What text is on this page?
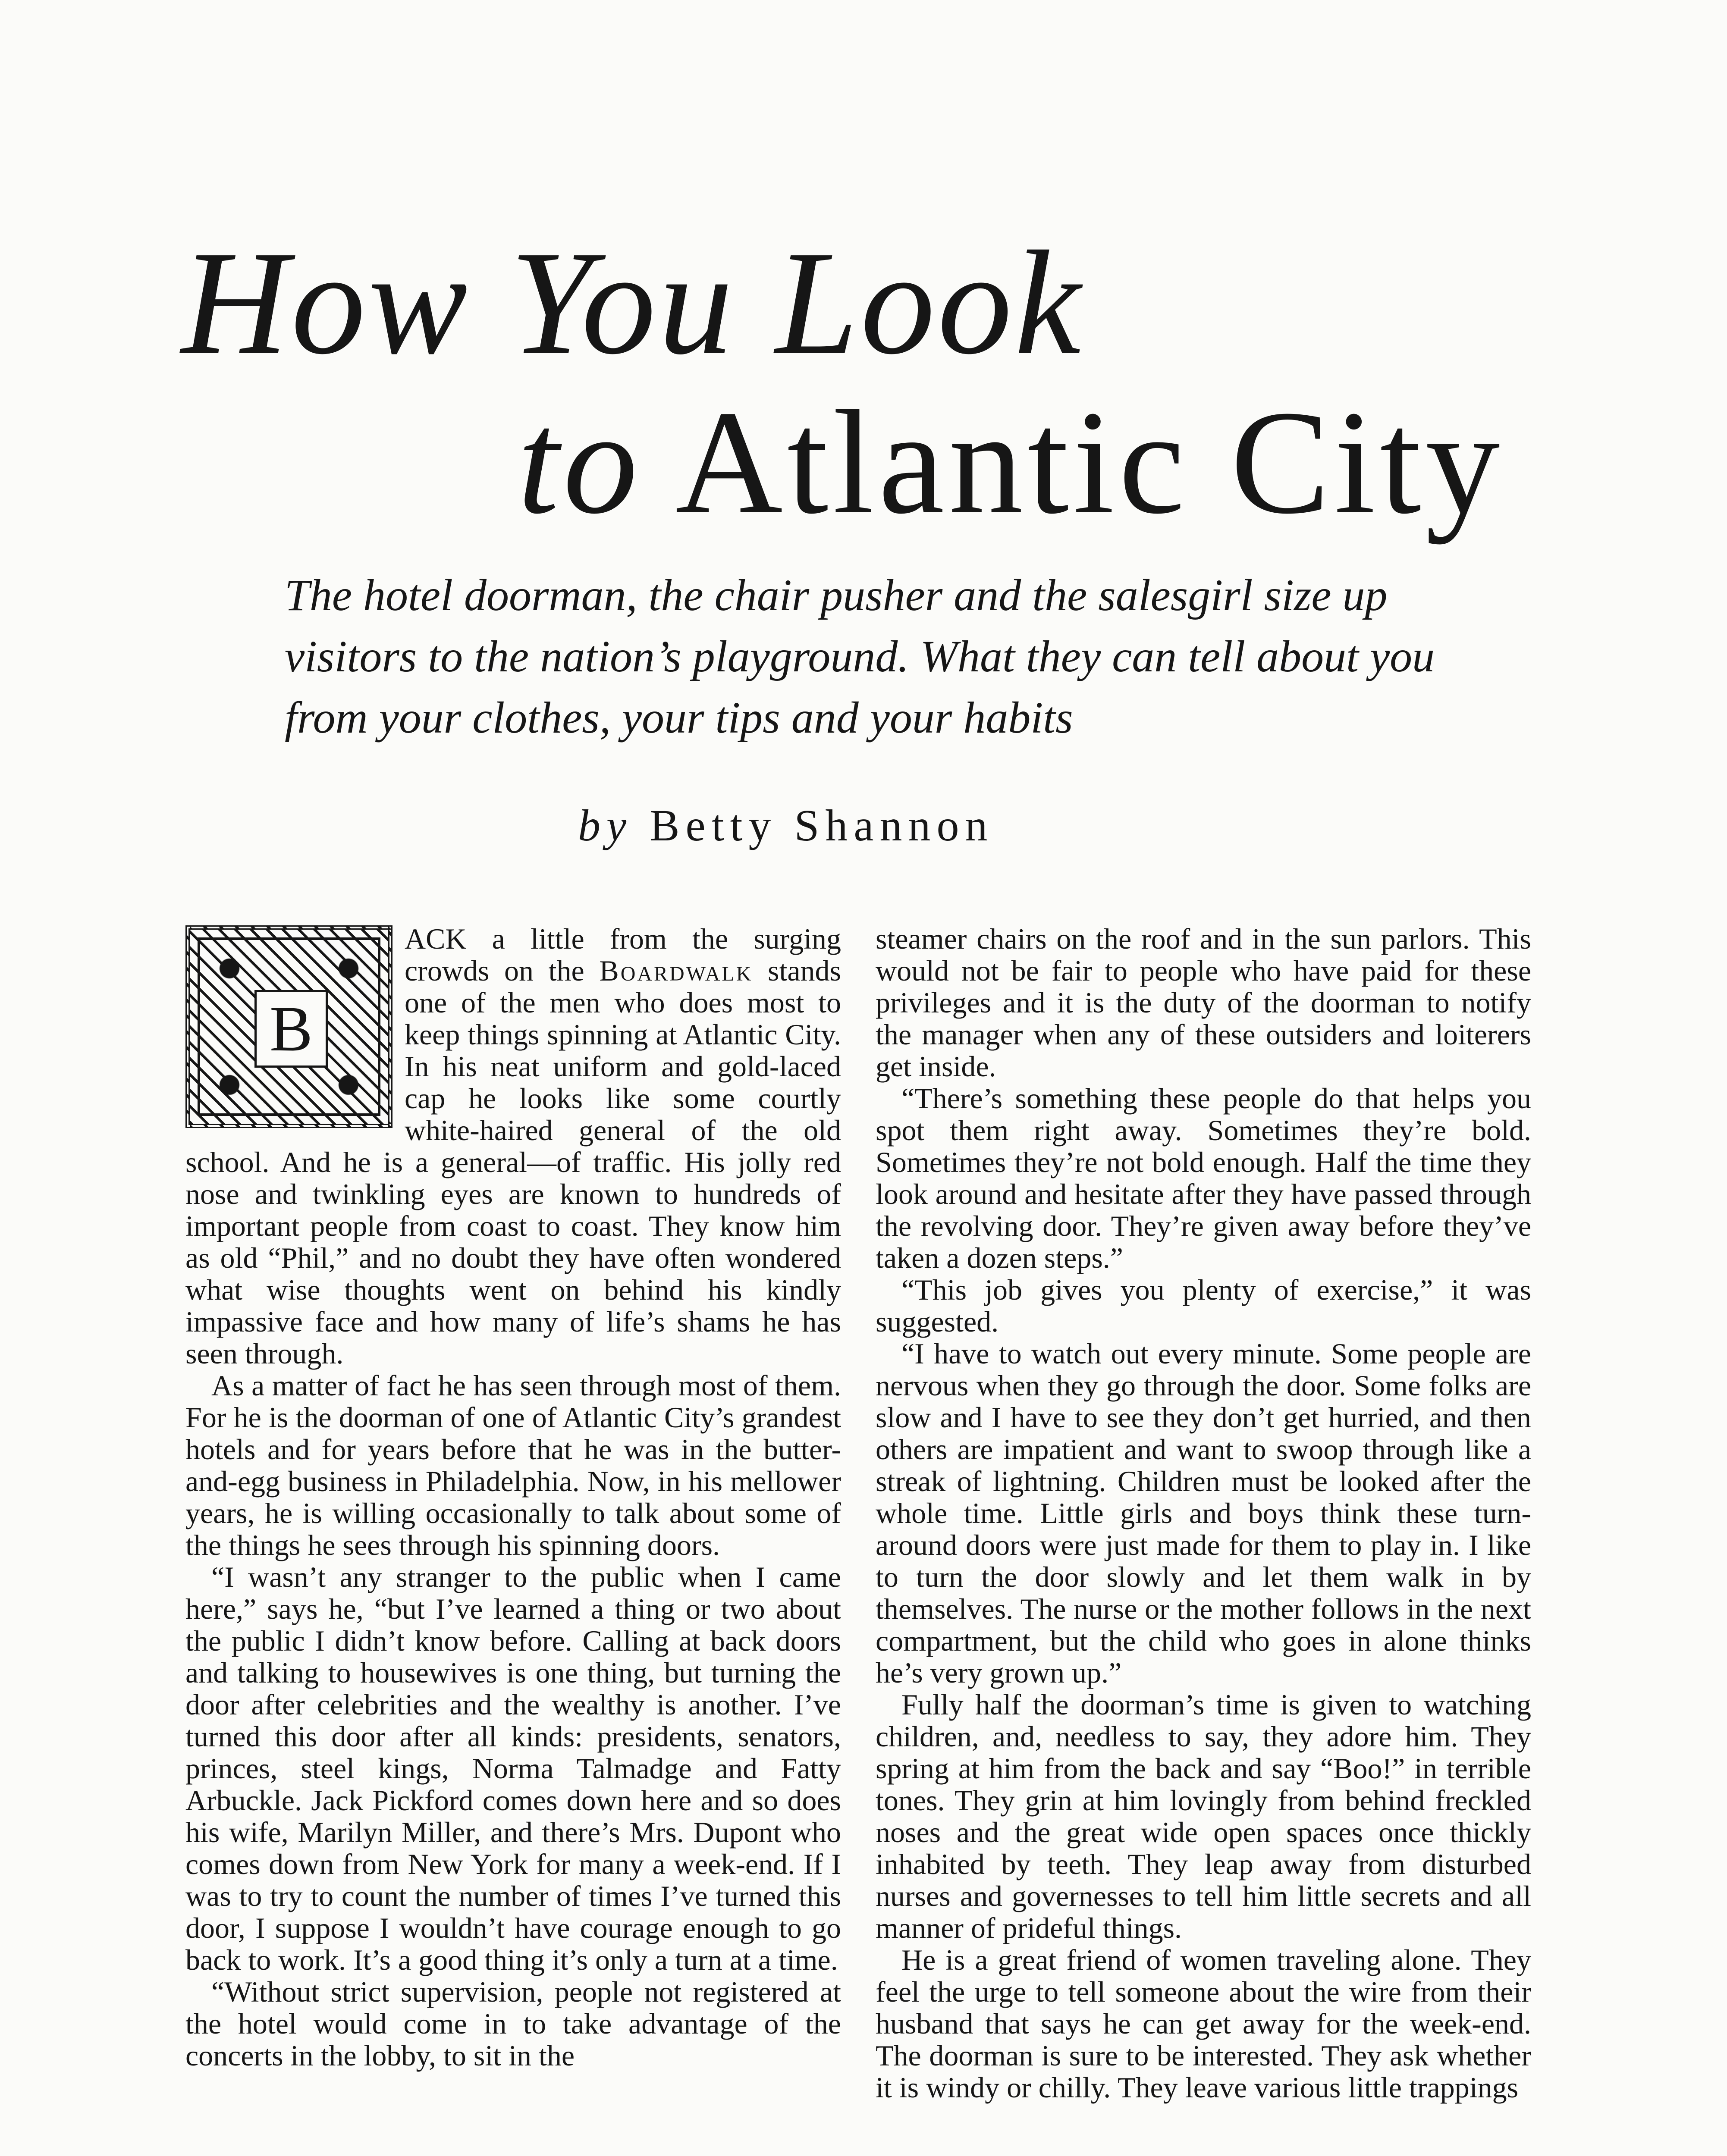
How You Look
to Atlantic City

The hotel doorman, the chair pusher and the salesgirl size up visitors to the nation’s playground. What they can tell about you from your clothes, your tips and your habits

by Betty Shannon

B
ACK a little from the surging crowds on the Boardwalk stands one of the men who does most to keep things spinning at Atlantic City. In his neat uniform and gold-laced cap he looks like some courtly white-haired general of the old school. And he is a general—of traffic. His jolly red nose and twinkling eyes are known to hundreds of important people from coast to coast. They know him as old “Phil,” and no doubt they have often wondered what wise thoughts went on behind his kindly impassive face and how many of life’s shams he has seen through.

As a matter of fact he has seen through most of them. For he is the doorman of one of Atlantic City’s grandest hotels and for years before that he was in the butter-and-egg business in Philadelphia. Now, in his mellower years, he is willing occasionally to talk about some of the things he sees through his spinning doors.

“I wasn’t any stranger to the public when I came here,” says he, “but I’ve learned a thing or two about the public I didn’t know before. Calling at back doors and talking to housewives is one thing, but turning the door after celebrities and the wealthy is another. I’ve turned this door after all kinds: presidents, senators, princes, steel kings, Norma Talmadge and Fatty Arbuckle. Jack Pickford comes down here and so does his wife, Marilyn Miller, and there’s Mrs. Dupont who comes down from New York for many a week-end. If I was to try to count the number of times I’ve turned this door, I suppose I wouldn’t have courage enough to go back to work. It’s a good thing it’s only a turn at a time.

“Without strict supervision, people not registered at the hotel would come in to take advantage of the concerts in the lobby, to sit in the

steamer chairs on the roof and in the sun parlors. This would not be fair to people who have paid for these privileges and it is the duty of the doorman to notify the manager when any of these outsiders and loiterers get inside.

“There’s something these people do that helps you spot them right away. Sometimes they’re bold. Sometimes they’re not bold enough. Half the time they look around and hesitate after they have passed through the revolving door. They’re given away before they’ve taken a dozen steps.”

“This job gives you plenty of exercise,” it was suggested.

“I have to watch out every minute. Some people are nervous when they go through the door. Some folks are slow and I have to see they don’t get hurried, and then others are impatient and want to swoop through like a streak of lightning. Children must be looked after the whole time. Little girls and boys think these turn-around doors were just made for them to play in. I like to turn the door slowly and let them walk in by themselves. The nurse or the mother follows in the next compartment, but the child who goes in alone thinks he’s very grown up.”

Fully half the doorman’s time is given to watching children, and, needless to say, they adore him. They spring at him from the back and say “Boo!” in terrible tones. They grin at him lovingly from behind freckled noses and the great wide open spaces once thickly inhabited by teeth. They leap away from disturbed nurses and governesses to tell him little secrets and all manner of prideful things.

He is a great friend of women traveling alone. They feel the urge to tell someone about the wire from their husband that says he can get away for the week-end. The doorman is sure to be interested. They ask whether it is windy or chilly. They leave various little trappings
